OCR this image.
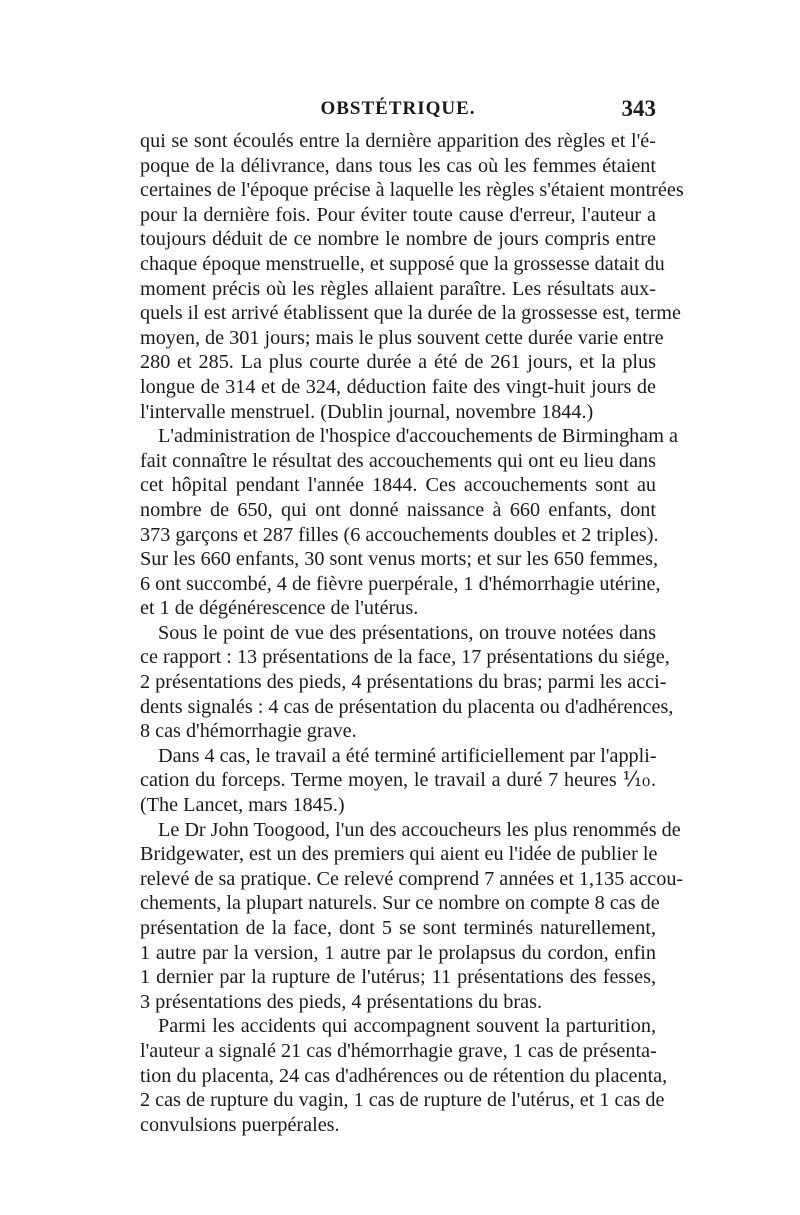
OBSTÉTRIQUE.	343
qui se sont écoulés entre la dernière apparition des règles et l'é-
poque de la délivrance, dans tous les cas où les femmes étaient
certaines de l'époque précise à laquelle les règles s'étaient montrées
pour la dernière fois. Pour éviter toute cause d'erreur, l'auteur a
toujours déduit de ce nombre le nombre de jours compris entre
chaque époque menstruelle, et supposé que la grossesse datait du
moment précis où les règles allaient paraître. Les résultats aux-
quels il est arrivé établissent que la durée de la grossesse est, terme
moyen, de 301 jours; mais le plus souvent cette durée varie entre
280 et 285. La plus courte durée a été de 261 jours, et la plus
longue de 314 et de 324, déduction faite des vingt-huit jours de
l'intervalle menstruel. (Dublin journal, novembre 1844.)
L'administration de l'hospice d'accouchements de Birmingham a
fait connaître le résultat des accouchements qui ont eu lieu dans
cet hôpital pendant l'année 1844. Ces accouchements sont au
nombre de 650, qui ont donné naissance à 660 enfants, dont
373 garçons et 287 filles (6 accouchements doubles et 2 triples).
Sur les 660 enfants, 30 sont venus morts; et sur les 650 femmes,
6 ont succombé, 4 de fièvre puerpérale, 1 d'hémorrhagie utérine,
et 1 de dégénérescence de l'utérus.
Sous le point de vue des présentations, on trouve notées dans
ce rapport : 13 présentations de la face, 17 présentations du siége,
2 présentations des pieds, 4 présentations du bras; parmi les acci-
dents signalés : 4 cas de présentation du placenta ou d'adhérences,
8 cas d'hémorrhagie grave.
Dans 4 cas, le travail a été terminé artificiellement par l'appli-
cation du forceps. Terme moyen, le travail a duré 7 heures ⅒.
(The Lancet, mars 1845.)
Le Dr John Toogood, l'un des accoucheurs les plus renommés de
Bridgewater, est un des premiers qui aient eu l'idée de publier le
relevé de sa pratique. Ce relevé comprend 7 années et 1,135 accou-
chements, la plupart naturels. Sur ce nombre on compte 8 cas de
présentation de la face, dont 5 se sont terminés naturellement,
1 autre par la version, 1 autre par le prolapsus du cordon, enfin
1 dernier par la rupture de l'utérus; 11 présentations des fesses,
3 présentations des pieds, 4 présentations du bras.
Parmi les accidents qui accompagnent souvent la parturition,
l'auteur a signalé 21 cas d'hémorrhagie grave, 1 cas de présenta-
tion du placenta, 24 cas d'adhérences ou de rétention du placenta,
2 cas de rupture du vagin, 1 cas de rupture de l'utérus, et 1 cas de
convulsions puerpérales.
